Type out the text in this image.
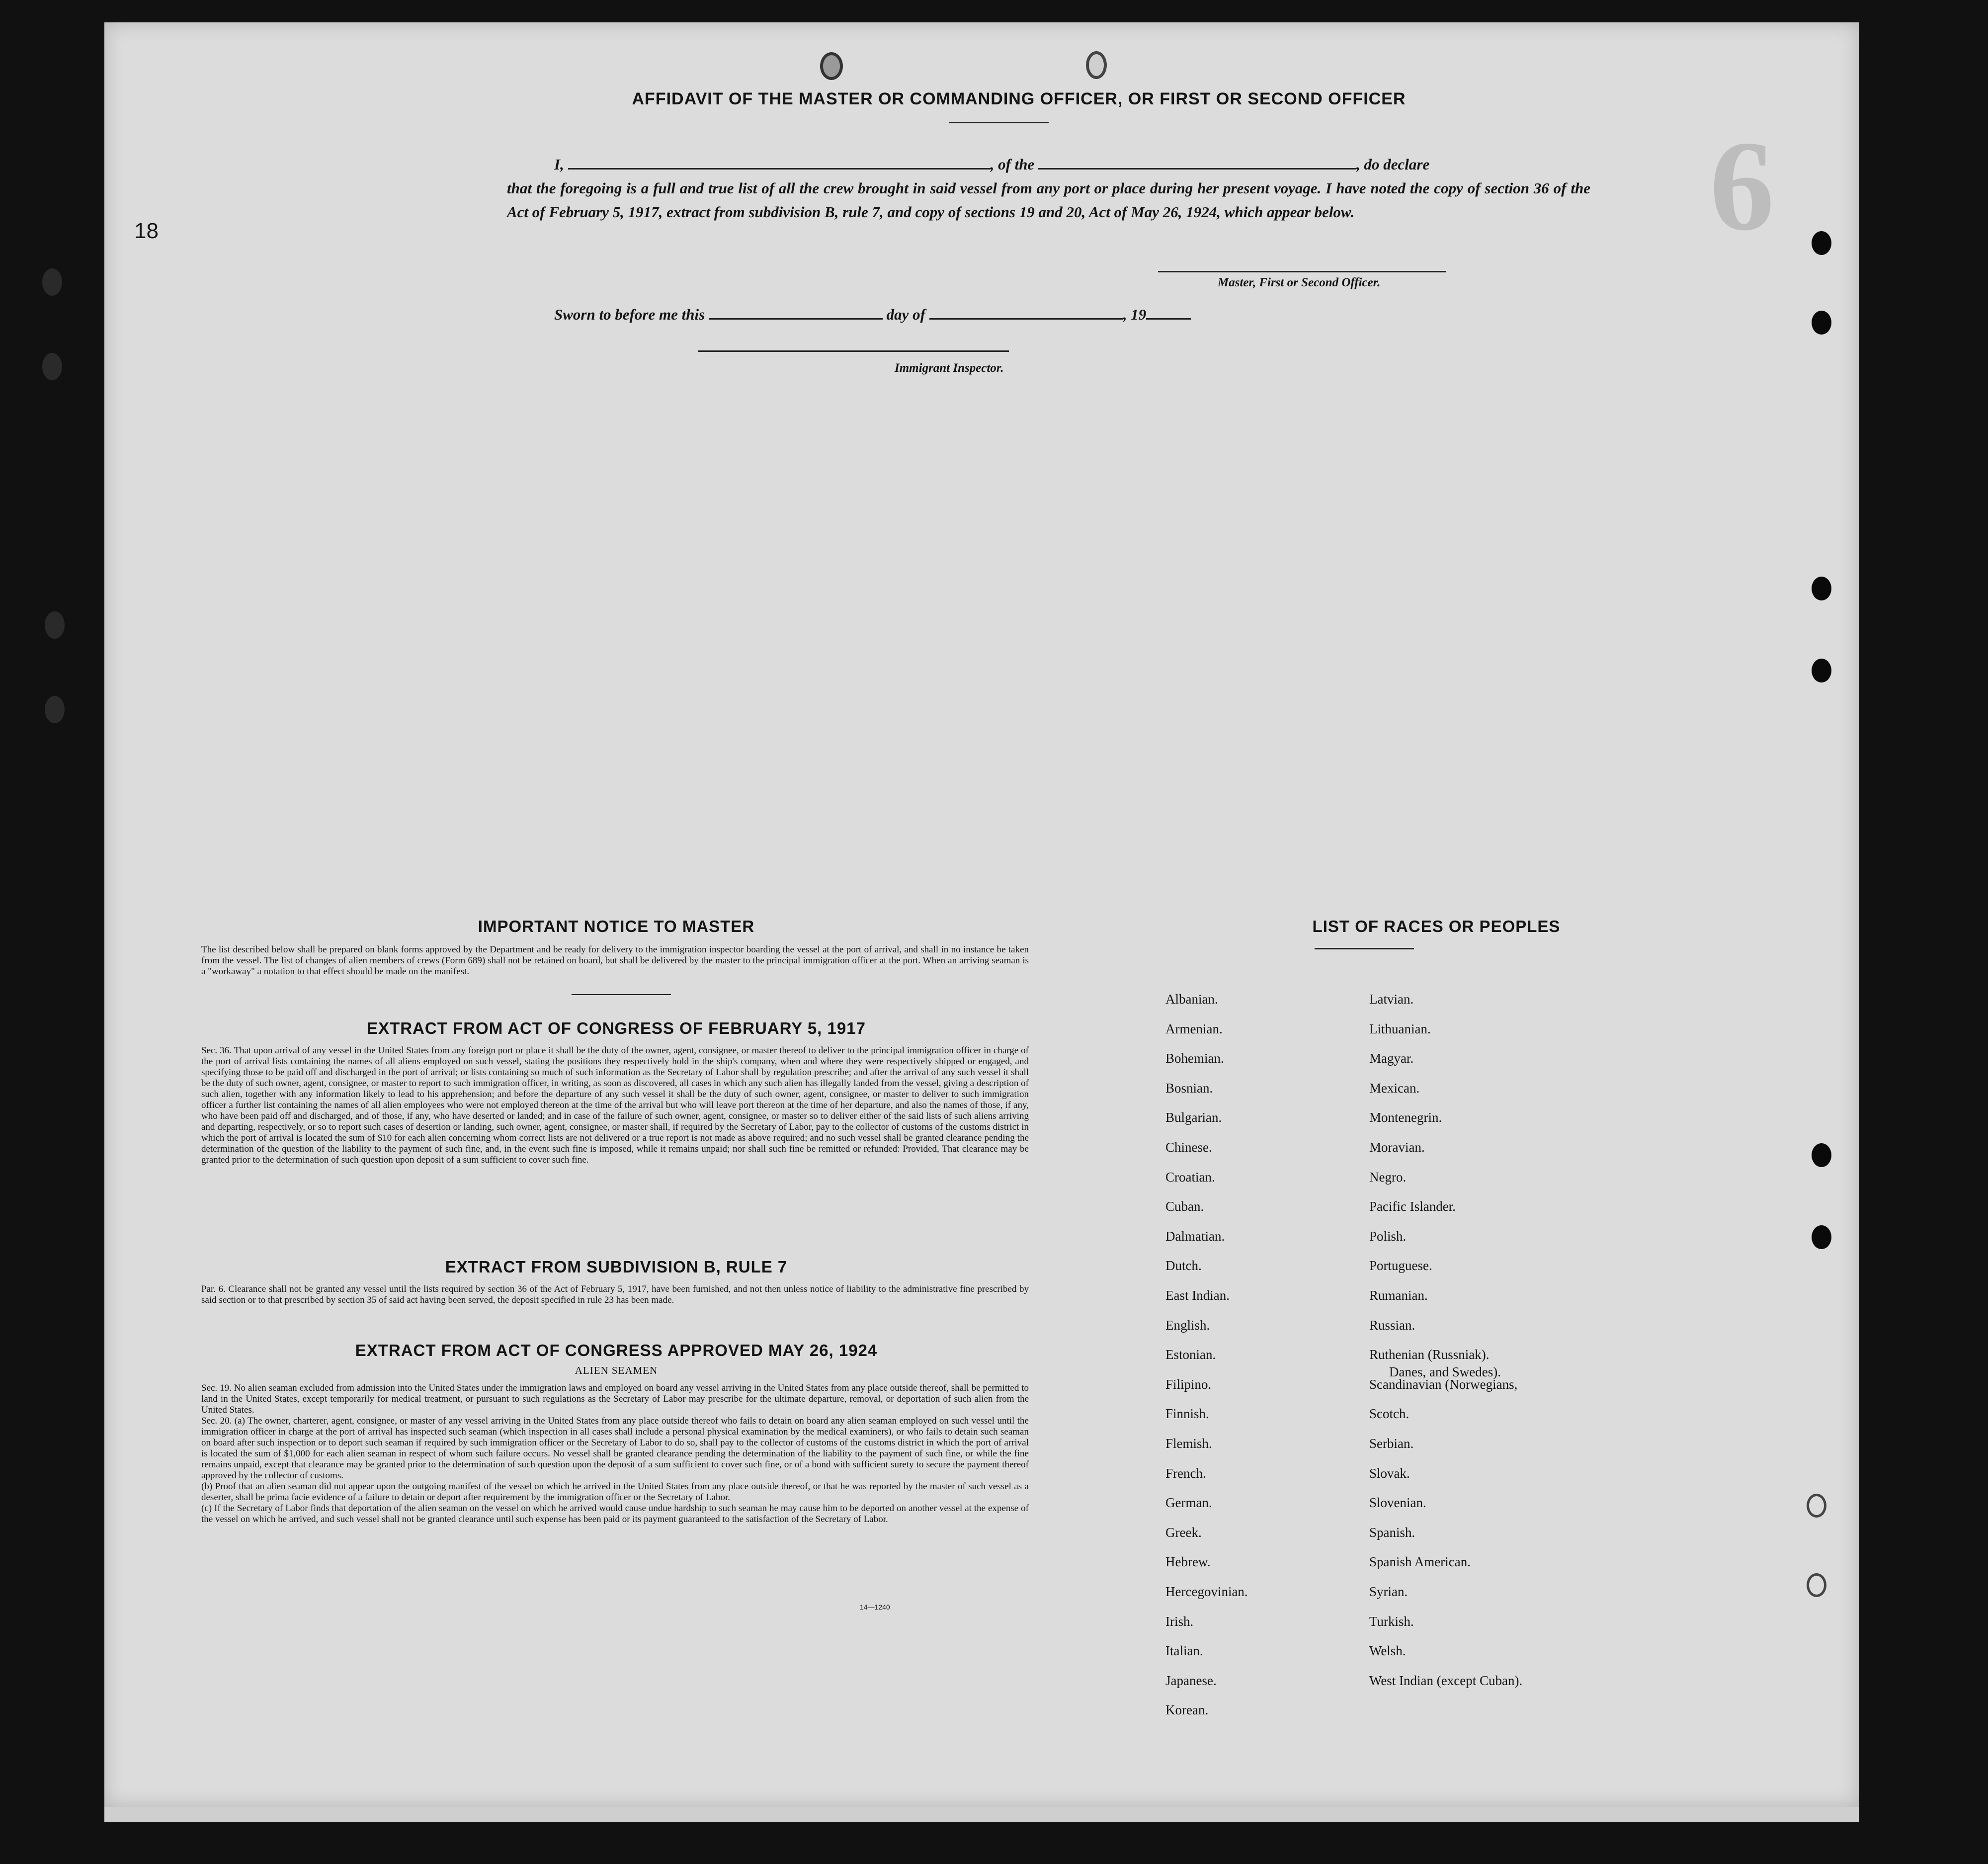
6
18
AFFIDAVIT OF THE MASTER OR COMMANDING OFFICER, OR FIRST OR SECOND OFFICER
I,	, of the	, do declare
that the foregoing is a full and true list of all the crew brought in said vessel from any port or place during her present voyage. I have noted the copy of section 36 of the Act of February 5, 1917, extract from subdivision B, rule 7, and copy of sections 19 and 20, Act of May 26, 1924, which appear below.
Master, First or Second Officer.
Sworn to before me this	day of	, 19
Immigrant Inspector.
IMPORTANT NOTICE TO MASTER
The list described below shall be prepared on blank forms approved by the Department and be ready for delivery to the immigration inspector boarding the vessel at the port of arrival, and shall in no instance be taken from the vessel. The list of changes of alien members of crews (Form 689) shall not be retained on board, but shall be delivered by the master to the principal immigration officer at the port. When an arriving seaman is a "workaway" a notation to that effect should be made on the manifest.
EXTRACT FROM ACT OF CONGRESS OF FEBRUARY 5, 1917
Sec. 36. That upon arrival of any vessel in the United States from any foreign port or place it shall be the duty of the owner, agent, consignee, or master thereof to deliver to the principal immigration officer in charge of the port of arrival lists containing the names of all aliens employed on such vessel, stating the positions they respectively hold in the ship's company, when and where they were respectively shipped or engaged, and specifying those to be paid off and discharged in the port of arrival; or lists containing so much of such information as the Secretary of Labor shall by regulation prescribe; and after the arrival of any such vessel it shall be the duty of such owner, agent, consignee, or master to report to such immigration officer, in writing, as soon as discovered, all cases in which any such alien has illegally landed from the vessel, giving a description of such alien, together with any information likely to lead to his apprehension; and before the departure of any such vessel it shall be the duty of such owner, agent, consignee, or master to deliver to such immigration officer a further list containing the names of all alien employees who were not employed thereon at the time of the arrival but who will leave port thereon at the time of her departure, and also the names of those, if any, who have been paid off and discharged, and of those, if any, who have deserted or landed; and in case of the failure of such owner, agent, consignee, or master so to deliver either of the said lists of such aliens arriving and departing, respectively, or so to report such cases of desertion or landing, such owner, agent, consignee, or master shall, if required by the Secretary of Labor, pay to the collector of customs of the customs district in which the port of arrival is located the sum of $10 for each alien concerning whom correct lists are not delivered or a true report is not made as above required; and no such vessel shall be granted clearance pending the determination of the question of the liability to the payment of such fine, and, in the event such fine is imposed, while it remains unpaid; nor shall such fine be remitted or refunded: Provided, That clearance may be granted prior to the determination of such question upon deposit of a sum sufficient to cover such fine.
EXTRACT FROM SUBDIVISION B, RULE 7
Par. 6. Clearance shall not be granted any vessel until the lists required by section 36 of the Act of February 5, 1917, have been furnished, and not then unless notice of liability to the administrative fine prescribed by said section or to that prescribed by section 35 of said act having been served, the deposit specified in rule 23 has been made.
EXTRACT FROM ACT OF CONGRESS APPROVED MAY 26, 1924
ALIEN SEAMEN
Sec. 19. No alien seaman excluded from admission into the United States under the immigration laws and employed on board any vessel arriving in the United States from any place outside thereof, shall be permitted to land in the United States, except temporarily for medical treatment, or pursuant to such regulations as the Secretary of Labor may prescribe for the ultimate departure, removal, or deportation of such alien from the United States.
Sec. 20. (a) The owner, charterer, agent, consignee, or master of any vessel arriving in the United States from any place outside thereof who fails to detain on board any alien seaman employed on such vessel until the immigration officer in charge at the port of arrival has inspected such seaman (which inspection in all cases shall include a personal physical examination by the medical examiners), or who fails to detain such seaman on board after such inspection or to deport such seaman if required by such immigration officer or the Secretary of Labor to do so, shall pay to the collector of customs of the customs district in which the port of arrival is located the sum of $1,000 for each alien seaman in respect of whom such failure occurs. No vessel shall be granted clearance pending the determination of the liability to the payment of such fine, or while the fine remains unpaid, except that clearance may be granted prior to the determination of such question upon the deposit of a sum sufficient to cover such fine, or of a bond with sufficient surety to secure the payment thereof approved by the collector of customs.
(b) Proof that an alien seaman did not appear upon the outgoing manifest of the vessel on which he arrived in the United States from any place outside thereof, or that he was reported by the master of such vessel as a deserter, shall be prima facie evidence of a failure to detain or deport after requirement by the immigration officer or the Secretary of Labor.
(c) If the Secretary of Labor finds that deportation of the alien seaman on the vessel on which he arrived would cause undue hardship to such seaman he may cause him to be deported on another vessel at the expense of the vessel on which he arrived, and such vessel shall not be granted clearance until such expense has been paid or its payment guaranteed to the satisfaction of the Secretary of Labor.
14—1240
LIST OF RACES OR PEOPLES
Albanian.
Armenian.
Bohemian.
Bosnian.
Bulgarian.
Chinese.
Croatian.
Cuban.
Dalmatian.
Dutch.
East Indian.
English.
Estonian.
Filipino.
Finnish.
Flemish.
French.
German.
Greek.
Hebrew.
Hercegovinian.
Irish.
Italian.
Japanese.
Korean.
Latvian.
Lithuanian.
Magyar.
Mexican.
Montenegrin.
Moravian.
Negro.
Pacific Islander.
Polish.
Portuguese.
Rumanian.
Russian.
Ruthenian (Russniak).
Scandinavian (Norwegians,
Danes, and Swedes).
Scotch.
Serbian.
Slovak.
Slovenian.
Spanish.
Spanish American.
Syrian.
Turkish.
Welsh.
West Indian (except Cuban).
